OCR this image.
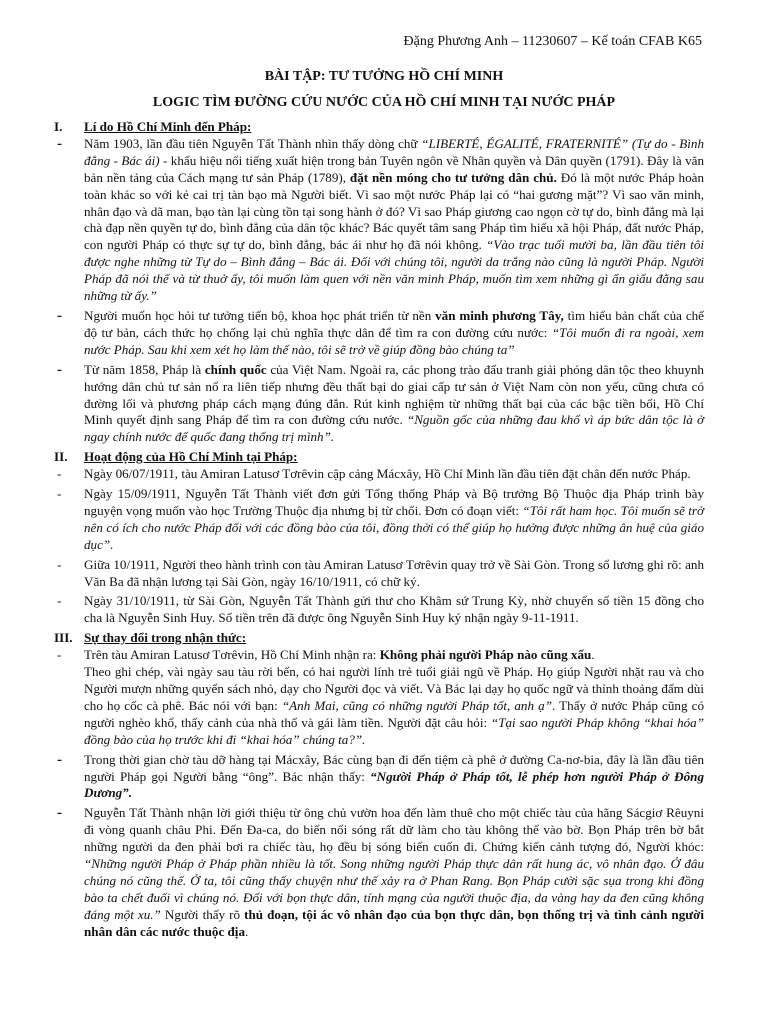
Đặng Phương Anh – 11230607 – Kế toán CFAB K65
BÀI TẬP: TƯ TƯỞNG HỒ CHÍ MINH
LOGIC TÌM ĐƯỜNG CỨU NƯỚC CỦA HỒ CHÍ MINH TẠI NƯỚC PHÁP
I.	Lí do Hồ Chí Minh đến Pháp:
- Năm 1903, lần đầu tiên Nguyễn Tất Thành nhìn thấy dòng chữ “LIBERTÉ, ÉGALITÉ, FRATERNITÉ” (Tự do - Bình đẳng - Bác ái) - khẩu hiệu nổi tiếng xuất hiện trong bản Tuyên ngôn về Nhân quyền và Dân quyền (1791). Đây là văn bản nền tảng của Cách mạng tư sản Pháp (1789), đặt nền móng cho tư tưởng dân chủ. Đó là một nước Pháp hoàn toàn khác so với kẻ cai trị tàn bạo mà Người biết. Vì sao một nước Pháp lại có “hai gương mặt”? Vì sao văn minh, nhân đạo và dã man, bạo tàn lại cùng tồn tại song hành ở đó? Vì sao Pháp giương cao ngọn cờ tự do, bình đẳng mà lại chà đạp nền quyền tự do, bình đẳng của dân tộc khác? Bác quyết tâm sang Pháp tìm hiểu xã hội Pháp, đất nước Pháp, con người Pháp có thực sự tự do, bình đẳng, bác ái như họ đã nói không. “Vào trạc tuổi mười ba, lần đầu tiên tôi được nghe những từ Tự do – Bình đẳng – Bác ái. Đối với chúng tôi, người da trắng nào cũng là người Pháp. Người Pháp đã nói thế và từ thuở ấy, tôi muốn làm quen với nền văn minh Pháp, muốn tìm xem những gì ẩn giấu đằng sau những từ ấy.”

- Người muốn học hỏi tư tưởng tiến bộ, khoa học phát triển từ nền văn minh phương Tây, tìm hiểu bản chất của chế độ tư bản, cách thức họ chống lại chủ nghĩa thực dân để tìm ra con đường cứu nước: “Tôi muốn đi ra ngoài, xem nước Pháp. Sau khi xem xét họ làm thế nào, tôi sẽ trở về giúp đồng bào chúng ta”

- Từ năm 1858, Pháp là chính quốc của Việt Nam. Ngoài ra, các phong trào đấu tranh giải phóng dân tộc theo khuynh hướng dân chủ tư sản nổ ra liên tiếp nhưng đều thất bại do giai cấp tư sản ở Việt Nam còn non yếu, cũng chưa có đường lối và phương pháp cách mạng đúng đắn. Rút kinh nghiệm từ những thất bại của các bậc tiền bối, Hồ Chí Minh quyết định sang Pháp để tìm ra con đường cứu nước. “Nguồn gốc của những đau khổ vì áp bức dân tộc là ở ngay chính nước đế quốc đang thống trị mình”.

II.	Hoạt động của Hồ Chí Minh tại Pháp:
- Ngày 06/07/1911, tàu Amiran Latusơ Tơrêvin cập cảng Mácxây, Hồ Chí Minh lần đầu tiên đặt chân đến nước Pháp.

- Ngày 15/09/1911, Nguyễn Tất Thành viết đơn gửi Tổng thống Pháp và Bộ trưởng Bộ Thuộc địa Pháp trình bày nguyện vọng muốn vào học Trường Thuộc địa nhưng bị từ chối. Đơn có đoạn viết: “Tôi rất ham học. Tôi muốn sẽ trở nên có ích cho nước Pháp đối với các đồng bào của tôi, đồng thời có thể giúp họ hưởng được những ân huệ của giáo dục”.

- Giữa 10/1911, Người theo hành trình con tàu Amiran Latusơ Tơrêvin quay trở về Sài Gòn. Trong sổ lương ghi rõ: anh Văn Ba đã nhận lương tại Sài Gòn, ngày 16/10/1911, có chữ ký.

- Ngày 31/10/1911, từ Sài Gòn, Nguyễn Tất Thành gửi thư cho Khâm sứ Trung Kỳ, nhờ chuyển số tiền 15 đồng cho cha là Nguyễn Sinh Huy. Số tiền trên đã được ông Nguyễn Sinh Huy ký nhận ngày 9-11-1911.

III. Sự thay đổi trong nhận thức:
- Trên tàu Amiran Latusơ Tơrêvin, Hồ Chí Minh nhận ra: Không phải người Pháp nào cũng xấu.

Theo ghi chép, vài ngày sau tàu rời bến, có hai người lính trẻ tuổi giải ngũ về Pháp. Họ giúp Người nhặt rau và cho Người mượn những quyển sách nhỏ, dạy cho Người đọc và viết. Và Bác lại dạy họ quốc ngữ và thỉnh thoảng đấm dùi cho họ cốc cà phê. Bác nói với bạn: “Anh Mai, cũng có những người Pháp tốt, anh ạ”. Thấy ở nước Pháp cũng có người nghèo khổ, thấy cảnh của nhà thổ và gái làm tiền. Người đặt câu hỏi: “Tại sao người Pháp không “khai hóa” đồng bào của họ trước khi đi “khai hóa” chúng ta?”.

- Trong thời gian chờ tàu dỡ hàng tại Mácxây, Bác cùng bạn đi đến tiệm cà phê ở đường Ca-nơ-bia, đây là lần đầu tiên người Pháp gọi Người bằng “ông”. Bác nhận thấy: “Người Pháp ở Pháp tốt, lễ phép hơn người Pháp ở Đông Dương”.

- Nguyễn Tất Thành nhận lời giới thiệu từ ông chủ vườn hoa đến làm thuê cho một chiếc tàu của hãng Sácgiơ Rêuyni đi vòng quanh châu Phi. Đến Đa-ca, do biển nổi sóng rất dữ làm cho tàu không thể vào bờ. Bọn Pháp trên bờ bắt những người da đen phải bơi ra chiếc tàu, họ đều bị sóng biển cuốn đi. Chứng kiến cảnh tượng đó, Người khóc: “Những người Pháp ở Pháp phần nhiều là tốt. Song những người Pháp thực dân rất hung ác, vô nhân đạo. Ở đâu chúng nó cũng thế. Ở ta, tôi cũng thấy chuyện như thế xảy ra ở Phan Rang. Bọn Pháp cười sặc sụa trong khi đồng bào ta chết đuối vì chúng nó. Đối với bọn thực dân, tính mạng của người thuộc địa, da vàng hay da đen cũng không đáng một xu.” Người thấy rõ thủ đoạn, tội ác vô nhân đạo của bọn thực dân, bọn thống trị và tình cảnh người nhân dân các nước thuộc địa.
